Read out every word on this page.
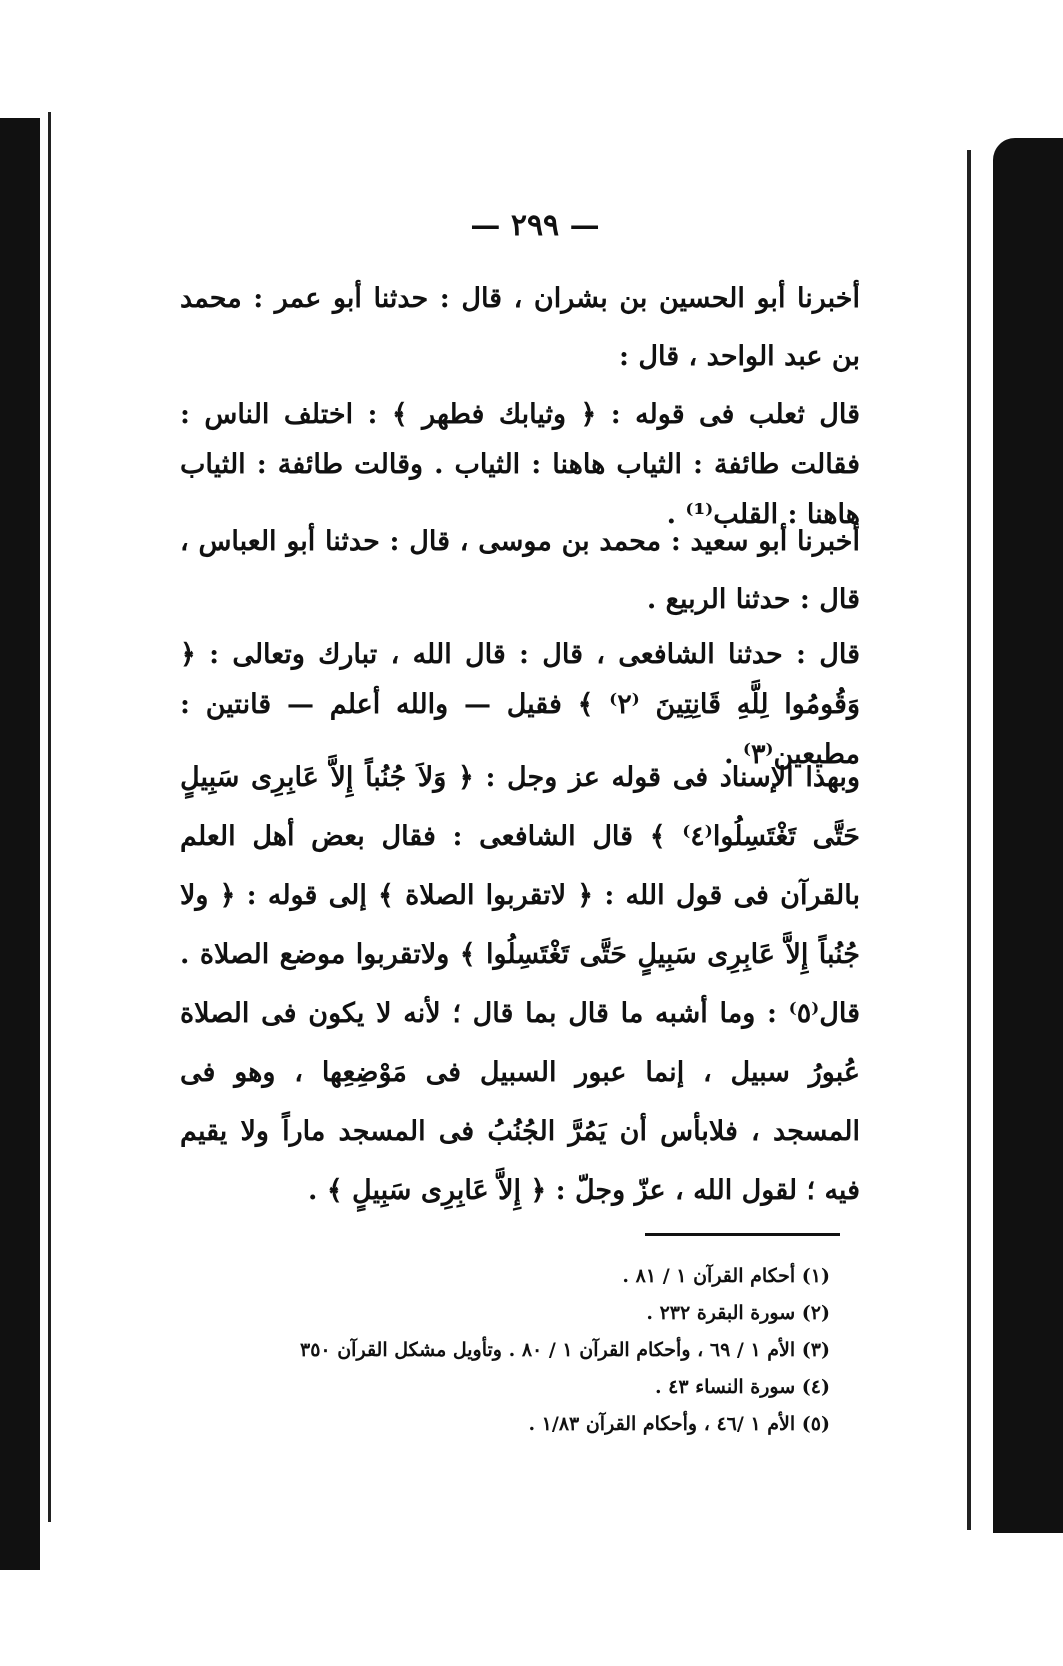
— ٢٩٩ —

أخبرنا أبو الحسين بن بشران ، قال : حدثنا أبو عمر : محمد بن عبد الواحد ، قال :

قال ثعلب فى قوله : ﴿ وثيابك فطهر ﴾ : اختلف الناس : فقالت طائفة : الثياب هاهنا : الثياب . وقالت طائفة : الثياب هاهنا : القلب⁽¹⁾ .

أخبرنا أبو سعيد : محمد بن موسى ، قال : حدثنا أبو العباس ، قال : حدثنا الربيع .

قال : حدثنا الشافعى ، قال : قال الله ، تبارك وتعالى : ﴿ وَقُومُوا لِلَّهِ قَانِتِينَ ⁽٢⁾ ﴾ فقيل — والله أعلم — قانتين : مطيعين⁽٣⁾ .

وبهذا الإسناد فى قوله عز وجل : ﴿ وَلاَ جُنُباً إِلاَّ عَابِرِى سَبِيلٍ حَتَّى تَغْتَسِلُوا⁽٤⁾ ﴾ قال الشافعى : فقال بعض أهل العلم بالقرآن فى قول الله : ﴿ لاتقربوا الصلاة ﴾ إلى قوله : ﴿ ولا جُنُباً إِلاَّ عَابِرِى سَبِيلٍ حَتَّى تَغْتَسِلُوا ﴾ ولاتقربوا موضع الصلاة . قال⁽٥⁾ : وما أشبه ما قال بما قال ؛ لأنه لا يكون فى الصلاة عُبورُ سبيل ، إنما عبور السبيل فى مَوْضِعِها ، وهو فى المسجد ، فلابأس أن يَمُرَّ الجُنُبُ فى المسجد ماراً ولا يقيم فيه ؛ لقول الله ، عزّ وجلّ : ﴿ إِلاَّ عَابِرِى سَبِيلٍ ﴾ .

(١) أحكام القرآن ١ / ٨١ .
(٢) سورة البقرة ٢٣٢ .
(٣) الأم ١ / ٦٩ ، وأحكام القرآن ١ / ٨٠ . وتأويل مشكل القرآن ٣٥٠
(٤) سورة النساء ٤٣ .
(٥) الأم ١ /٤٦ ، وأحكام القرآن ١/٨٣ .
